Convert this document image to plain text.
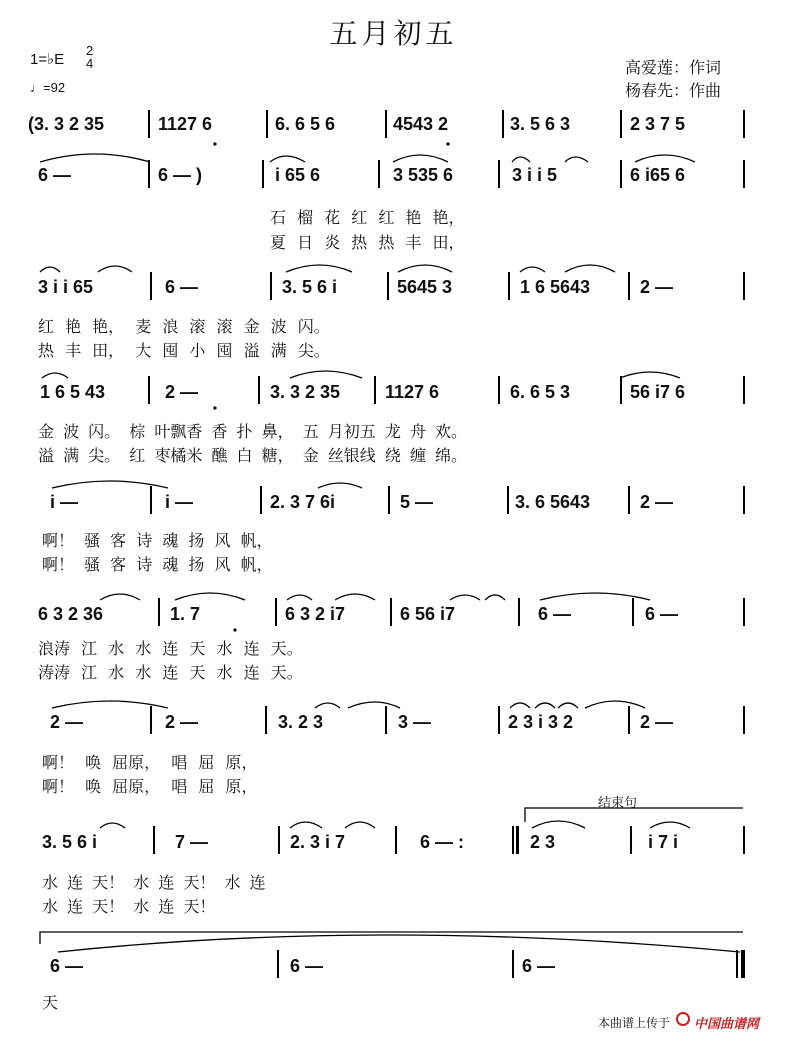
五月初五
1=♭E
2
4
♩=92
高爱莲：作词
杨春先：作曲
(3. 3 2 35	1127 6	6. 6 5 6	4543 2	3. 5 6 3	2 3 7 5
6 —	6 — )	i 65 6	3 535 6	3 i i 5	6 i65 6
石 榴 花 红 红 艳 艳，
夏 日 炎 热 热 丰 田，
3 i i 65	6 —	3. 5 6 i	5645 3	1 6 5643	2 —
红 艳 艳， 麦 浪 滚 滚 金 波 闪。
热 丰 田， 大 囤 小 囤 溢 满 尖。
1 6 5 43	2 —	3. 3 2 35 1127 6	6. 6 5 3	56 i7 6
金 波 闪。 棕 叶飘香 香 扑 鼻， 五 月初五 龙 舟 欢。
溢 满 尖。 红 枣橘米 醮 白 糖， 金 丝银线 绕 缠 绵。
i —	i —	2. 3 7 6i	5 —	3. 6 5643	2 —
啊！ 骚 客 诗 魂 扬 风 帆，
啊！ 骚 客 诗 魂 扬 风 帆，
6 3 2 36	1. 7	6 3 2 i7	6 56 i7	6 —	6 —
浪涛 江 水 水 连 天 水 连 天。
涛涛 江 水 水 连 天 水 连 天。
2 —	2 —	3. 2 3	3 —	2 3 i 3 2	2 —
啊！ 唤 屈原， 唱 屈 原，
啊！ 唤 屈原， 唱 屈 原，
结束句
3. 5 6 i	7 —	2. 3 i 7	6 — :	2 3	i 7 i
水 连 天！ 水 连 天！ 水 连
水 连 天！ 水 连 天！
6 —	6 —	6 —
天
本曲谱上传于 中国曲谱网
